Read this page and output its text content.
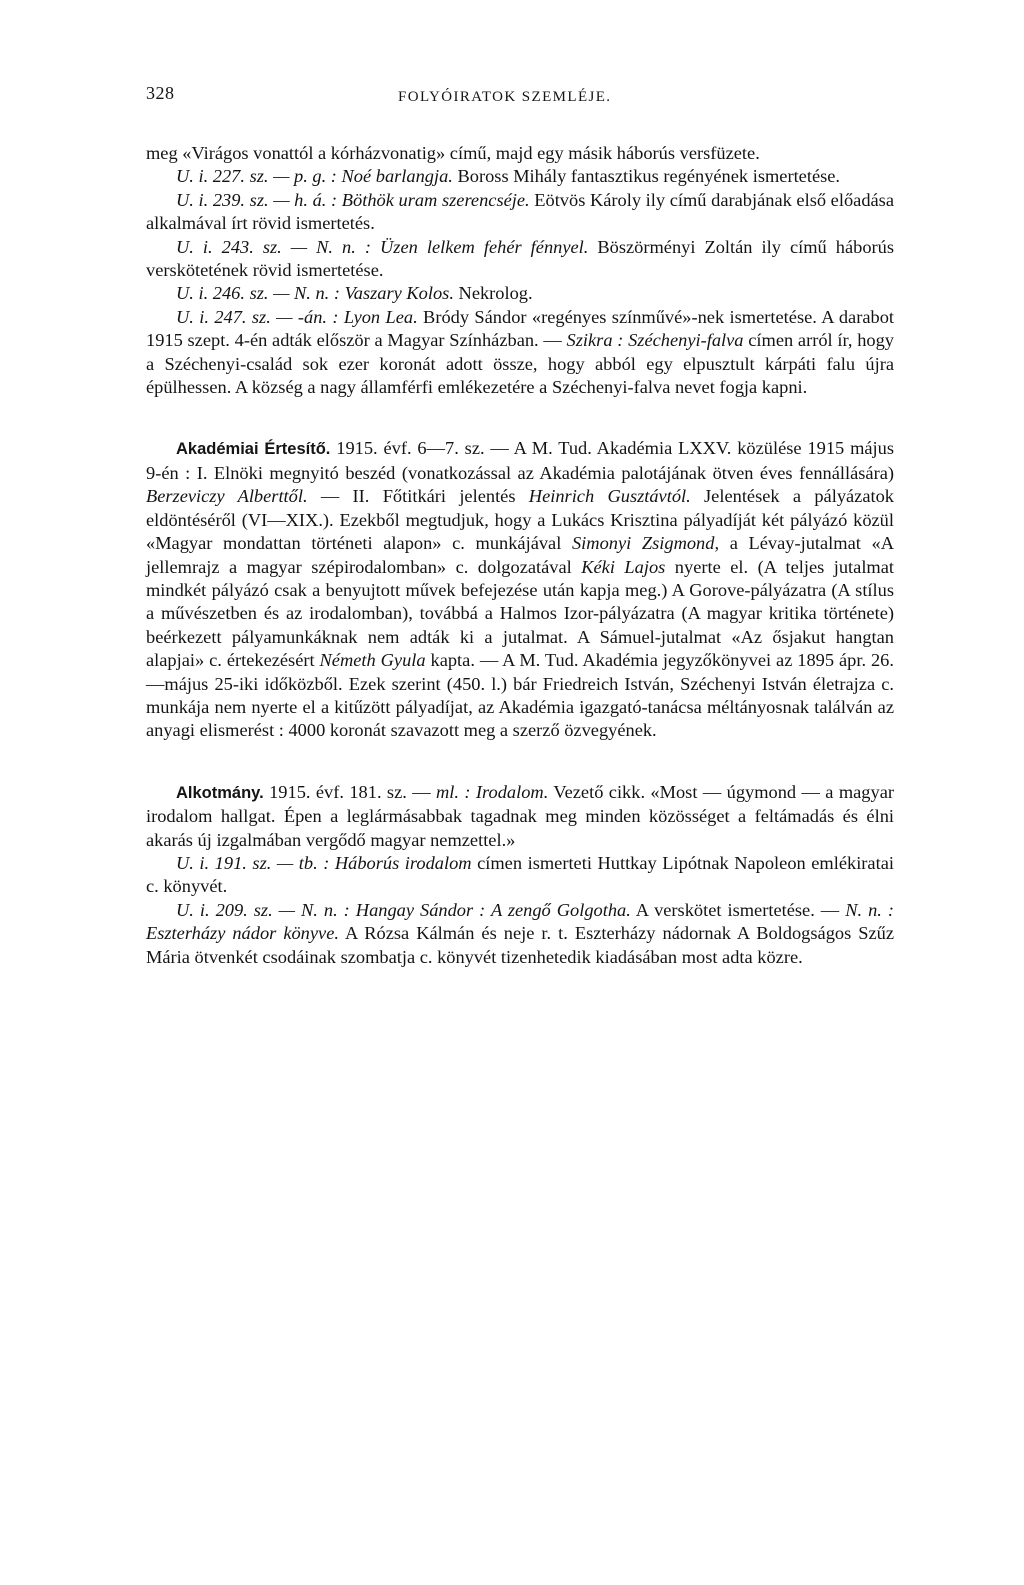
328	FOLYÓIRATOK SZEMLÉJE.

meg «Virágos vonattól a kórházvonatig» című, majd egy másik háborús versfüzete.

U. i. 227. sz. — p. g. : Noé barlangja. Boross Mihály fantasztikus regényének ismertetése.

U. i. 239. sz. — h. á. : Böthök uram szerencséje. Eötvös Károly ily című darabjának első előadása alkalmával írt rövid ismertetés.

U. i. 243. sz. — N. n. : Üzen lelkem fehér fénnyel. Böszörményi Zoltán ily című háborús verskötetének rövid ismertetése.

U. i. 246. sz. — N. n. : Vaszary Kolos. Nekrolog.

U. i. 247. sz. — -án. : Lyon Lea. Bródy Sándor «regényes színművé»-nek ismertetése. A darabot 1915 szept. 4-én adták először a Magyar Színházban. — Szikra : Széchenyi-falva címen arról ír, hogy a Széchenyi-család sok ezer koronát adott össze, hogy abból egy elpusztult kárpáti falu újra épülhessen. A község a nagy államférfi emlékezetére a Széchenyi-falva nevet fogja kapni.

Akadémiai Értesítő. 1915. évf. 6—7. sz. — A M. Tud. Akadémia LXXV. közülése 1915 május 9-én : I. Elnöki megnyitó beszéd (vonatkozással az Akadémia palotájának ötven éves fennállására) Berzeviczy Alberttől. — II. Főtitkári jelentés Heinrich Gusztávtól. Jelentések a pályázatok eldöntéséről (VI—XIX.). Ezekből megtudjuk, hogy a Lukács Krisztina pályadíját két pályázó közül «Magyar mondattan történeti alapon» c. munkájával Simonyi Zsigmond, a Lévay-jutalmat «A jellemrajz a magyar szépirodalomban» c. dolgozatával Kéki Lajos nyerte el. (A teljes jutalmat mindkét pályázó csak a benyujtott művek befejezése után kapja meg.) A Gorove-pályázatra (A stílus a művészetben és az irodalomban), továbbá a Halmos Izor-pályázatra (A magyar kritika története) beérkezett pályamunkáknak nem adták ki a jutalmat. A Sámuel-jutalmat «Az ősjakut hangtan alapjai» c. értekezésért Németh Gyula kapta. — A M. Tud. Akadémia jegyzőkönyvei az 1895 ápr. 26.—május 25-iki időközből. Ezek szerint (450. l.) bár Friedreich István, Széchenyi István életrajza c. munkája nem nyerte el a kitűzött pályadíjat, az Akadémia igazgató-tanácsa méltányosnak találván az anyagi elismerést : 4000 koronát szavazott meg a szerző özvegyének.

Alkotmány. 1915. évf. 181. sz. — ml. : Irodalom. Vezető cikk. «Most — úgymond — a magyar irodalom hallgat. Épen a leglármásabbak tagadnak meg minden közösséget a feltámadás és élni akarás új izgalmában vergődő magyar nemzettel.»

U. i. 191. sz. — tb. : Háborús irodalom címen ismerteti Huttkay Lipótnak Napoleon emlékiratai c. könyvét.

U. i. 209. sz. — N. n. : Hangay Sándor : A zengő Golgotha. A verskötet ismertetése. — N. n. : Eszterházy nádor könyve. A Rózsa Kálmán és neje r. t. Eszterházy nádornak A Boldogságos Szűz Mária ötvenkét csodáinak szombatja c. könyvét tizenhetedik kiadásában most adta közre.
